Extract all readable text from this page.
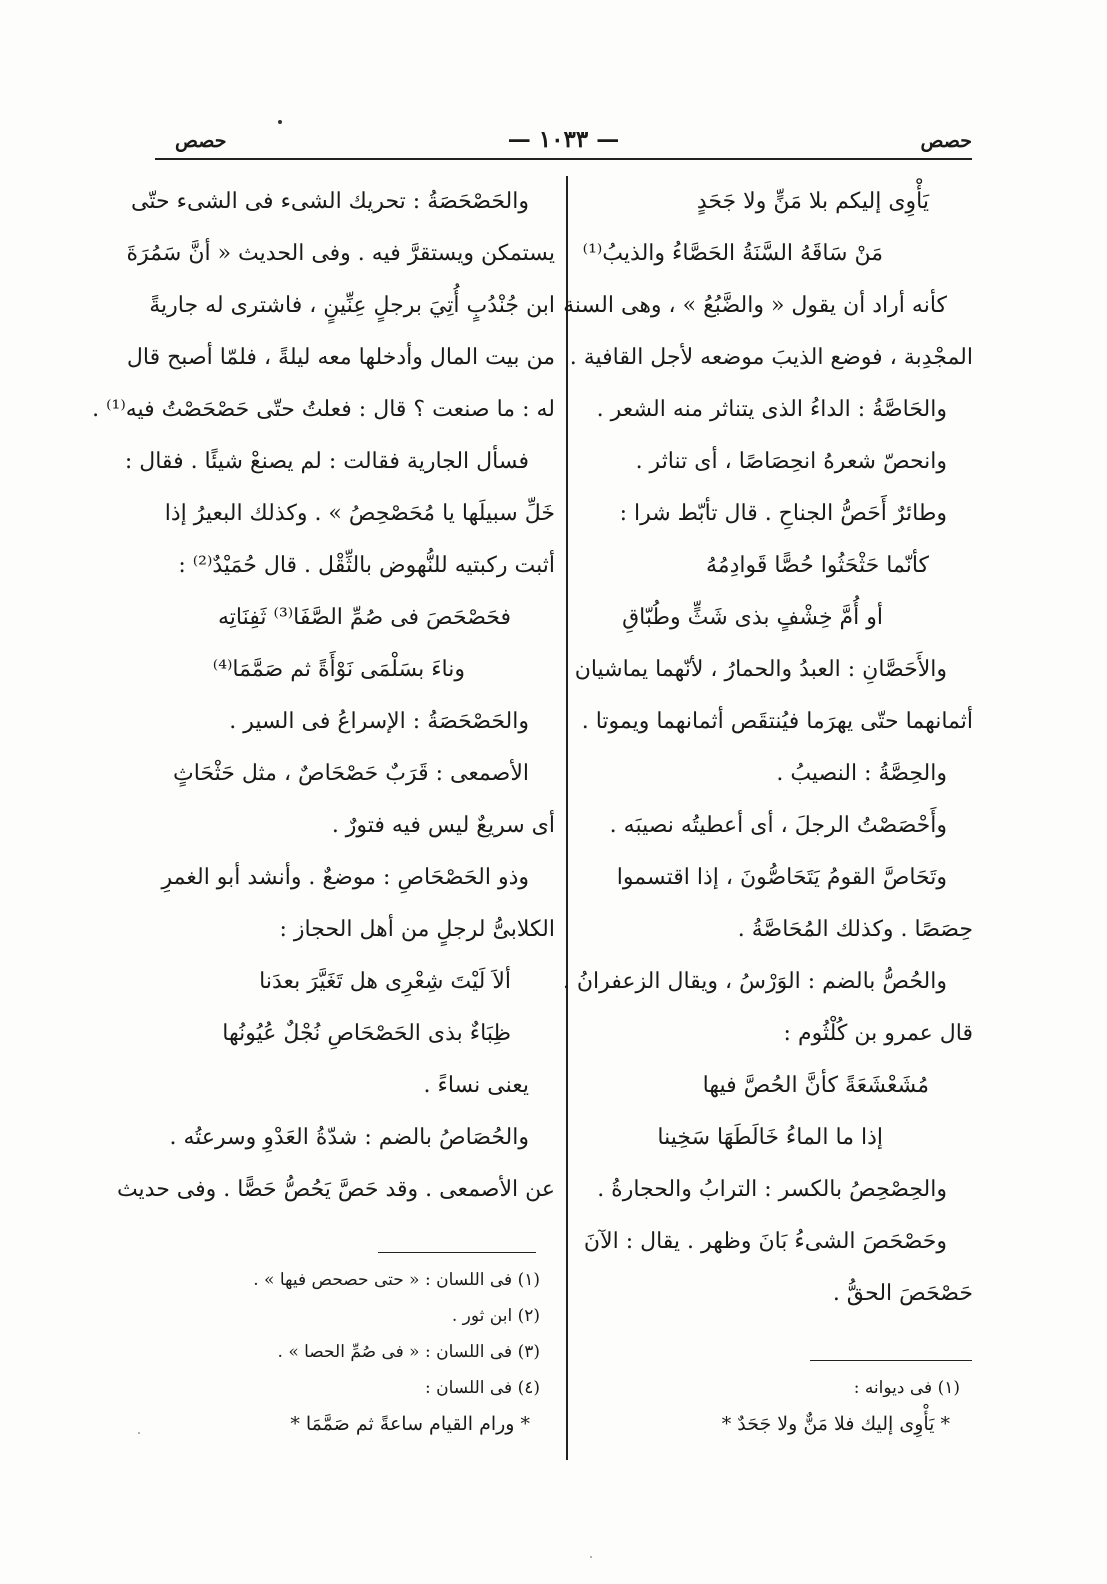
حصص
— ١٠٣٣ —
حصص
يَأْوِى إليكم بلا مَنٍّ ولا جَحَدٍ
مَنْ سَاقَهُ السَّنَةُ الحَصَّاءُ والذيبُ⁽¹⁾
كأنه أراد أن يقول « والضَّبُعُ » ، وهى السنة
المجْدِبة ، فوضع الذيبَ موضعه لأجل القافية .
والحَاصَّةُ : الداءُ الذى يتناثر منه الشعر .
وانحصّ شعرهُ انحِصَاصًا ، أى تناثر .
وطائرٌ أَحَصُّ الجناحِ . قال تأبّط شرا :
كأنّما حَثْحَثُوا حُصًّا قَوادِمُهُ
أو أُمَّ خِشْفٍ بذى شَثٍّ وطُبّاقِ
والأَحَصَّانِ : العبدُ والحمارُ ، لأنّهما يماشيان
أثمانهما حتّى يهرَما فيُنتقَص أثمانهما ويموتا .
والحِصَّةُ : النصيبُ .
وأَحْصَصْتُ الرجلَ ، أى أعطيتُه نصيبَه .
وتَحَاصَّ القومُ يَتَحَاصُّونَ ، إذا اقتسموا
حِصَصًا . وكذلك المُحَاصَّةُ .
والحُصُّ بالضم : الوَرْسُ ، ويقال الزعفرانُ .
قال عمرو بن كُلْثُوم :
مُشَعْشَعَةً كأنَّ الحُصَّ فيها
إذا ما الماءُ خَالَطَهَا سَخِينا
والحِصْحِصُ بالكسر : الترابُ والحجارةُ .
وحَصْحَصَ الشىءُ بَانَ وظهر . يقال : الآنَ
حَصْحَصَ الحقُّ .
(١) فى ديوانه :
* يَأْوِى إليك فلا مَنٌّ ولا جَحَدٌ *
والحَصْحَصَةُ : تحريك الشىء فى الشىء حتّى
يستمكن ويستقرَّ فيه . وفى الحديث « أنَّ سَمُرَةَ
ابن جُنْدُبٍ أُتِيَ برجلٍ عِنِّينٍ ، فاشترى له جاريةً
من بيت المال وأدخلها معه ليلةً ، فلمّا أصبح قال
له : ما صنعت ؟ قال : فعلتُ حتّى حَصْحَصْتُ فيه⁽¹⁾ .
فسأل الجارية فقالت : لم يصنعْ شيئًا . فقال :
خَلِّ سبيلَها يا مُحَصْحِصُ » . وكذلك البعيرُ إذا
أثبت ركبتيه للنُّهوض بالثِّقْل . قال حُمَيْدٌ⁽²⁾ :
فحَصْحَصَ فى صُمِّ الصَّفَا⁽³⁾ ثَفِنَاتِه
وناءَ بسَلْمَى نَوْأَةً ثم صَمَّمَا⁽⁴⁾
والحَصْحَصَةُ : الإسراعُ فى السير .
الأصمعى : قَرَبٌ حَصْحَاصٌ ، مثل حَثْحَاثٍ
أى سريعٌ ليس فيه فتورٌ .
وذو الحَصْحَاصِ : موضعٌ . وأنشد أبو الغمرِ
الكلابىُّ لرجلٍ من أهل الحجاز :
ألاَ لَيْتَ شِعْرِى هل تَغَيَّرَ بعدَنا
ظِبَاءٌ بذى الحَصْحَاصِ نُجْلٌ عُيُونُها
يعنى نساءً .
والحُصَاصُ بالضم : شدّةُ العَدْوِ وسرعتُه .
عن الأصمعى . وقد حَصَّ يَحُصُّ حَصًّا . وفى حديث
(١) فى اللسان : « حتى حصحص فيها » .
(٢) ابن ثور .
(٣) فى اللسان : « فى صُمِّ الحصا » .
(٤) فى اللسان :
* ورام القيام ساعةً ثم صَمَّمَا *
